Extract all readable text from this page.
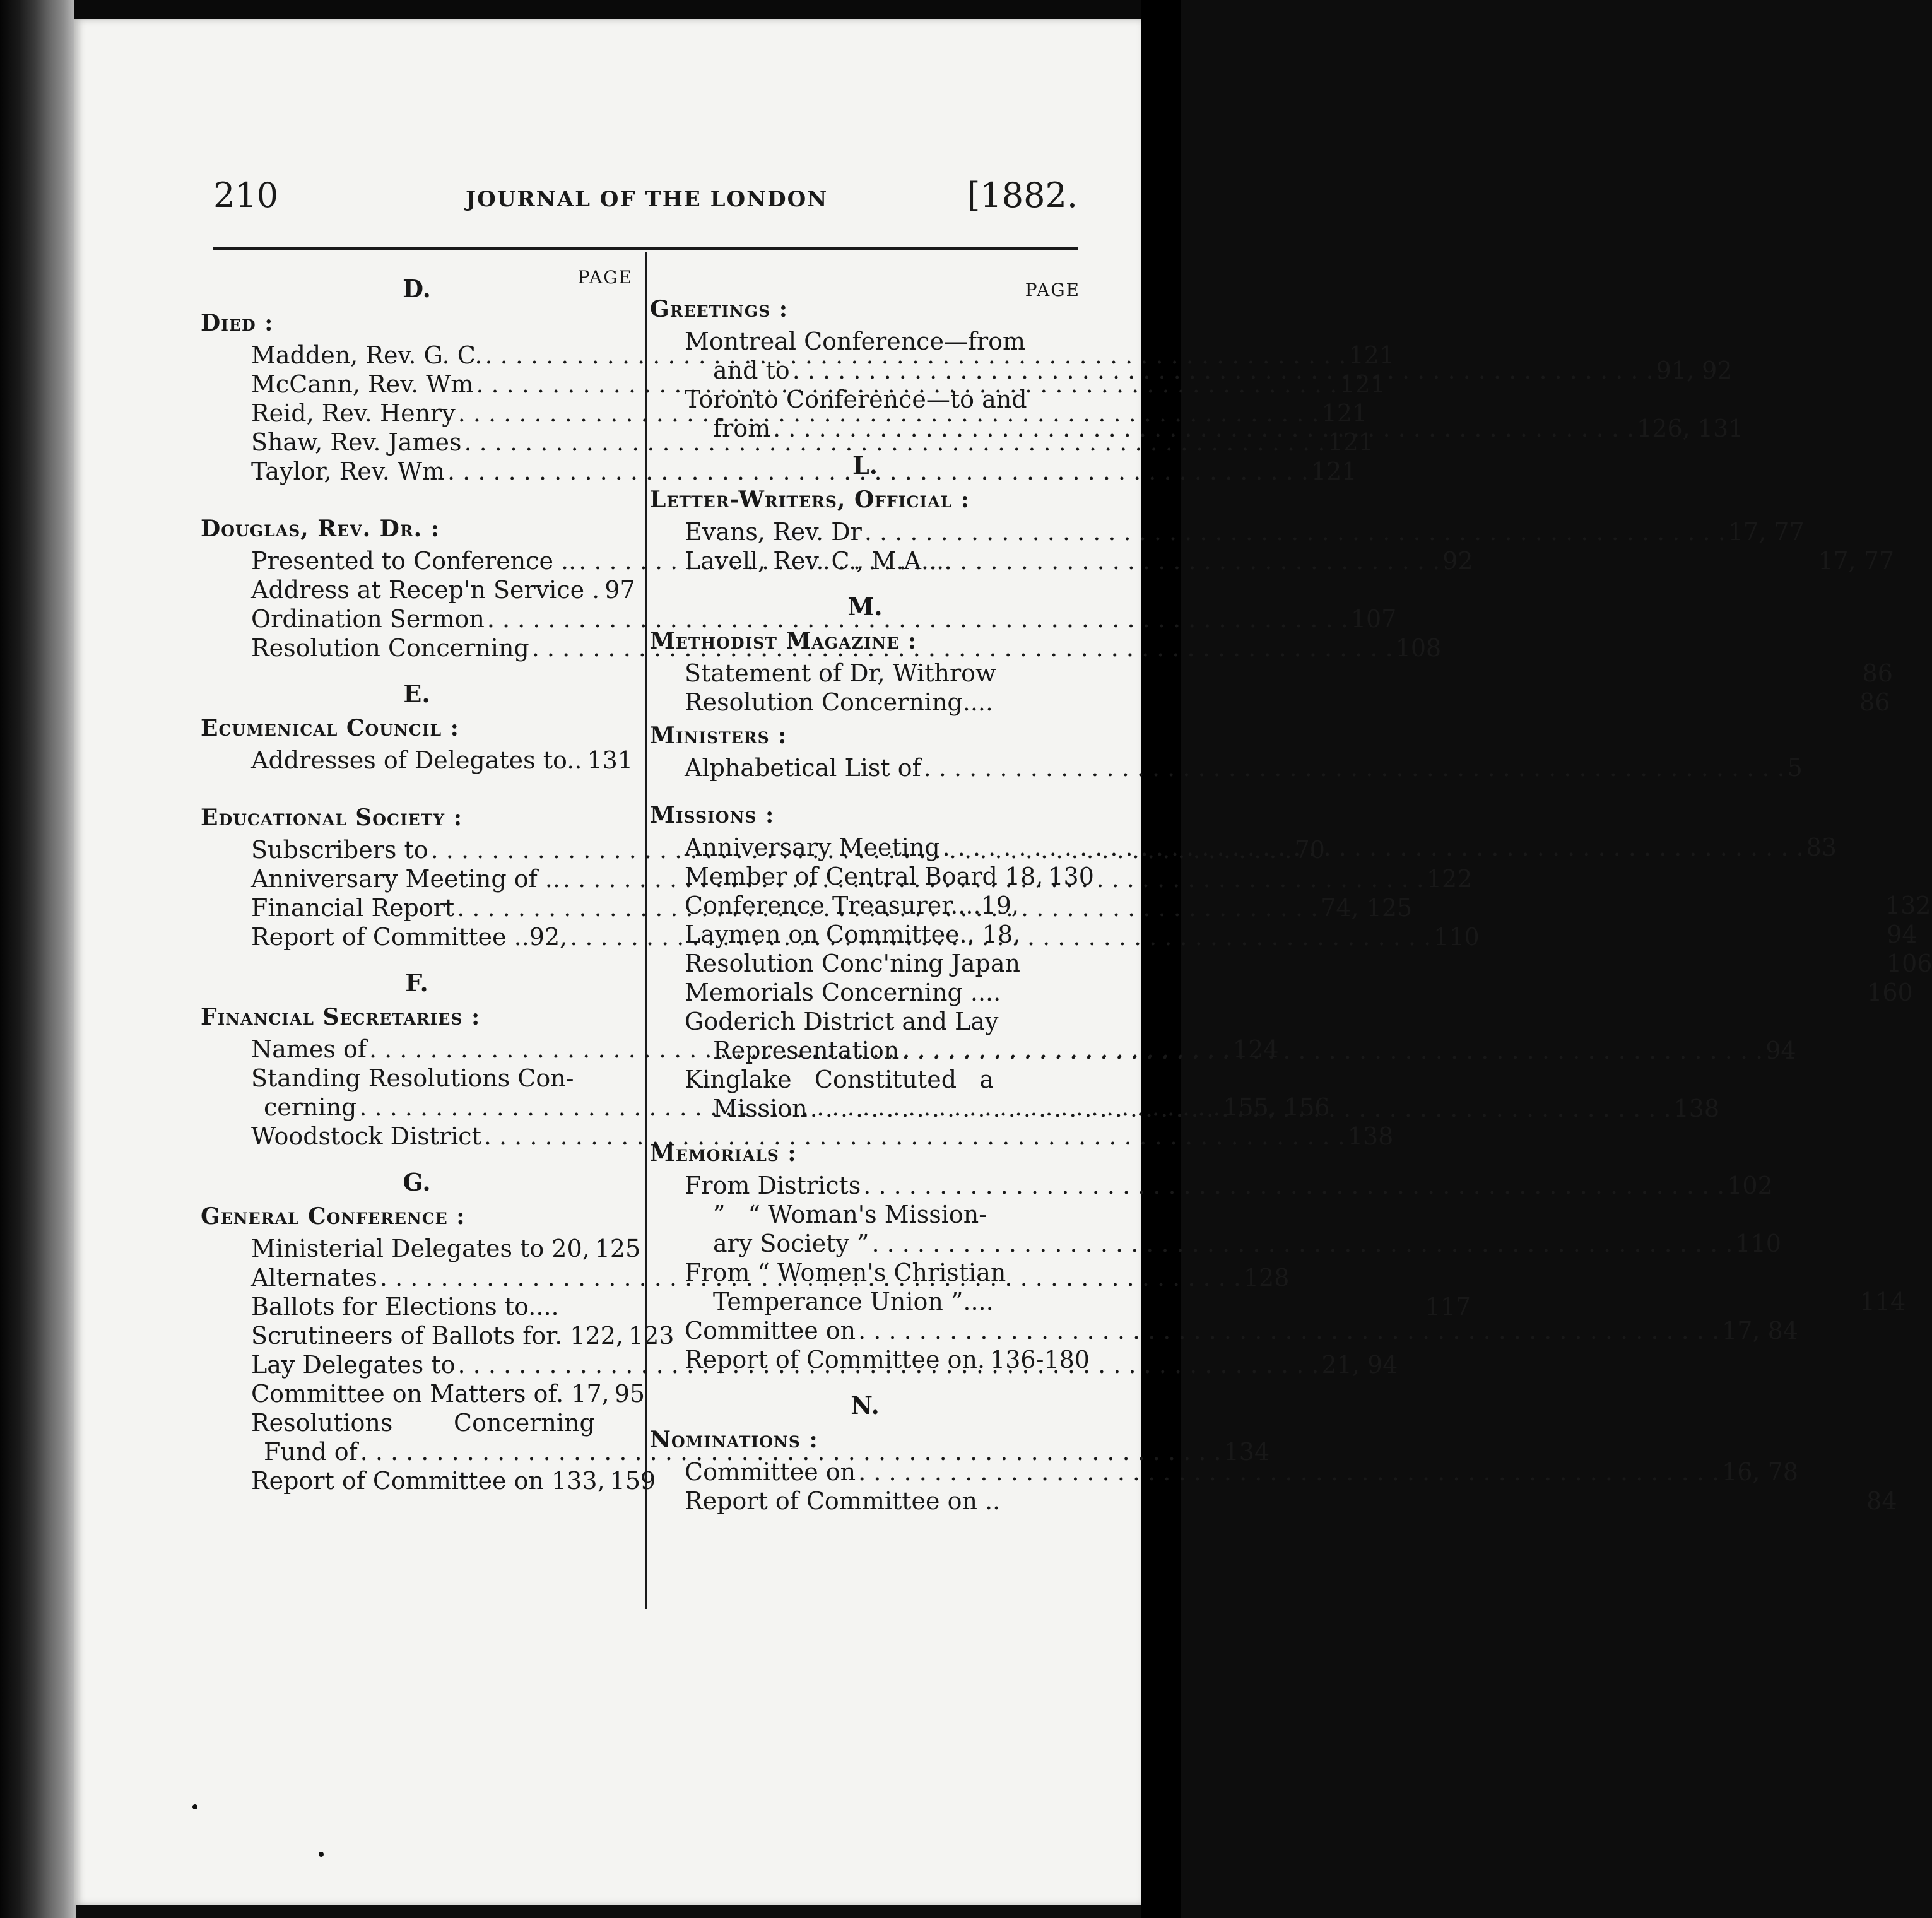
210	JOURNAL OF THE LONDON	[1882.
PAGE
D.
Died :
Madden, Rev. G. C. . . .	121
McCann, Rev. Wm . . .	121
Reid, Rev. Henry . . .	121
Shaw, Rev. James . . .	121
Taylor, Rev. Wm . . .	121
Douglas, Rev. Dr. :
Presented to Conference .. . . .	92
Address at Recep'n Service . 97
Ordination Sermon . . .	107
Resolution Concerning . . .	108
E.
Ecumenical Council :
Addresses of Delegates to.. . . . 131
Educational Society :
Subscribers to . . .	70
Anniversary Meeting of .. . . .	122
Financial Report . . .	74, 125
Report of Committee ..92, . . .	110
F.
Financial Secretaries :
Names of . . .	124
Standing Resolutions Con-
cerning . . .	155, 156
Woodstock District . . .	138
G.
General Conference :
Ministerial Delegates to 20, 125
Alternates . . .	128
Ballots for Elections to....	117
Scrutineers of Ballots for. 122, 123
Lay Delegates to . . .	21, 94
Committee on Matters of. 17, 95
Resolutions        Concerning
Fund of . . .	134
Report of Committee on 133, 159
PAGE
Greetings :
Montreal Conference—from
and to . . .	91, 92
Toronto Conference—to and
from . . .	126, 131
L.
Letter-Writers, Official :
Evans, Rev. Dr . . .	17, 77
Lavell, Rev. C., M.A....	17, 77
M.
Methodist Magazine :
Statement of Dr, Withrow	86
Resolution Concerning....	86
Ministers :
Alphabetical List of . . .	5
Missions :
Anniversary Meeting . . .	83
Member of Central Board 18, 130
Conference Treasurer....19,	132
Laymen on Committee.. 18,	94
Resolution Conc'ning Japan	106
Memorials Concerning ....	160
Goderich District and Lay
Representation . . .	94
Kinglake   Constituted   a
Mission . . .	138
Memorials :
From Districts . . .	102
”   “ Woman's Mission-
ary Society ” . . .	110
From “ Women's Christian
Temperance Union ”....	114
Committee on . . .	17, 84
Report of Committee on. 136-180
N.
Nominations :
Committee on . . .	16, 78
Report of Committee on ..	84
